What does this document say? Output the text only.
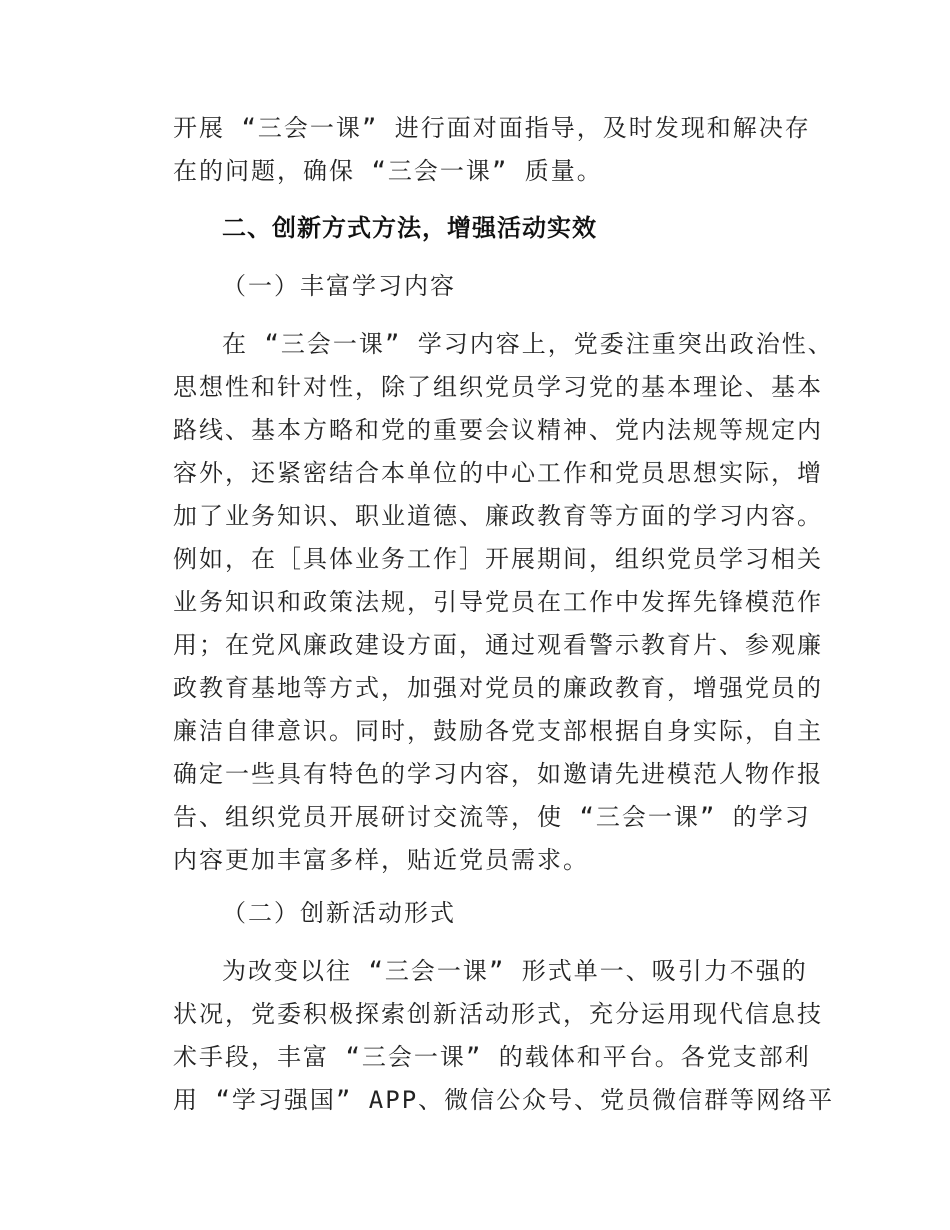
开展 “三会一课” 进行面对面指导，及时发现和解决存
在的问题，确保 “三会一课” 质量。
二、创新方式方法，增强活动实效
（一）丰富学习内容
在 “三会一课” 学习内容上，党委注重突出政治性、
思想性和针对性，除了组织党员学习党的基本理论、基本
路线、基本方略和党的重要会议精神、党内法规等规定内
容外，还紧密结合本单位的中心工作和党员思想实际，增
加了业务知识、职业道德、廉政教育等方面的学习内容。
例如，在［具体业务工作］开展期间，组织党员学习相关
业务知识和政策法规，引导党员在工作中发挥先锋模范作
用；在党风廉政建设方面，通过观看警示教育片、参观廉
政教育基地等方式，加强对党员的廉政教育，增强党员的
廉洁自律意识。同时，鼓励各党支部根据自身实际，自主
确定一些具有特色的学习内容，如邀请先进模范人物作报
告、组织党员开展研讨交流等，使 “三会一课” 的学习
内容更加丰富多样，贴近党员需求。
（二）创新活动形式
为改变以往 “三会一课” 形式单一、吸引力不强的
状况，党委积极探索创新活动形式，充分运用现代信息技
术手段，丰富 “三会一课” 的载体和平台。各党支部利
用 “学习强国” APP、微信公众号、党员微信群等网络平
